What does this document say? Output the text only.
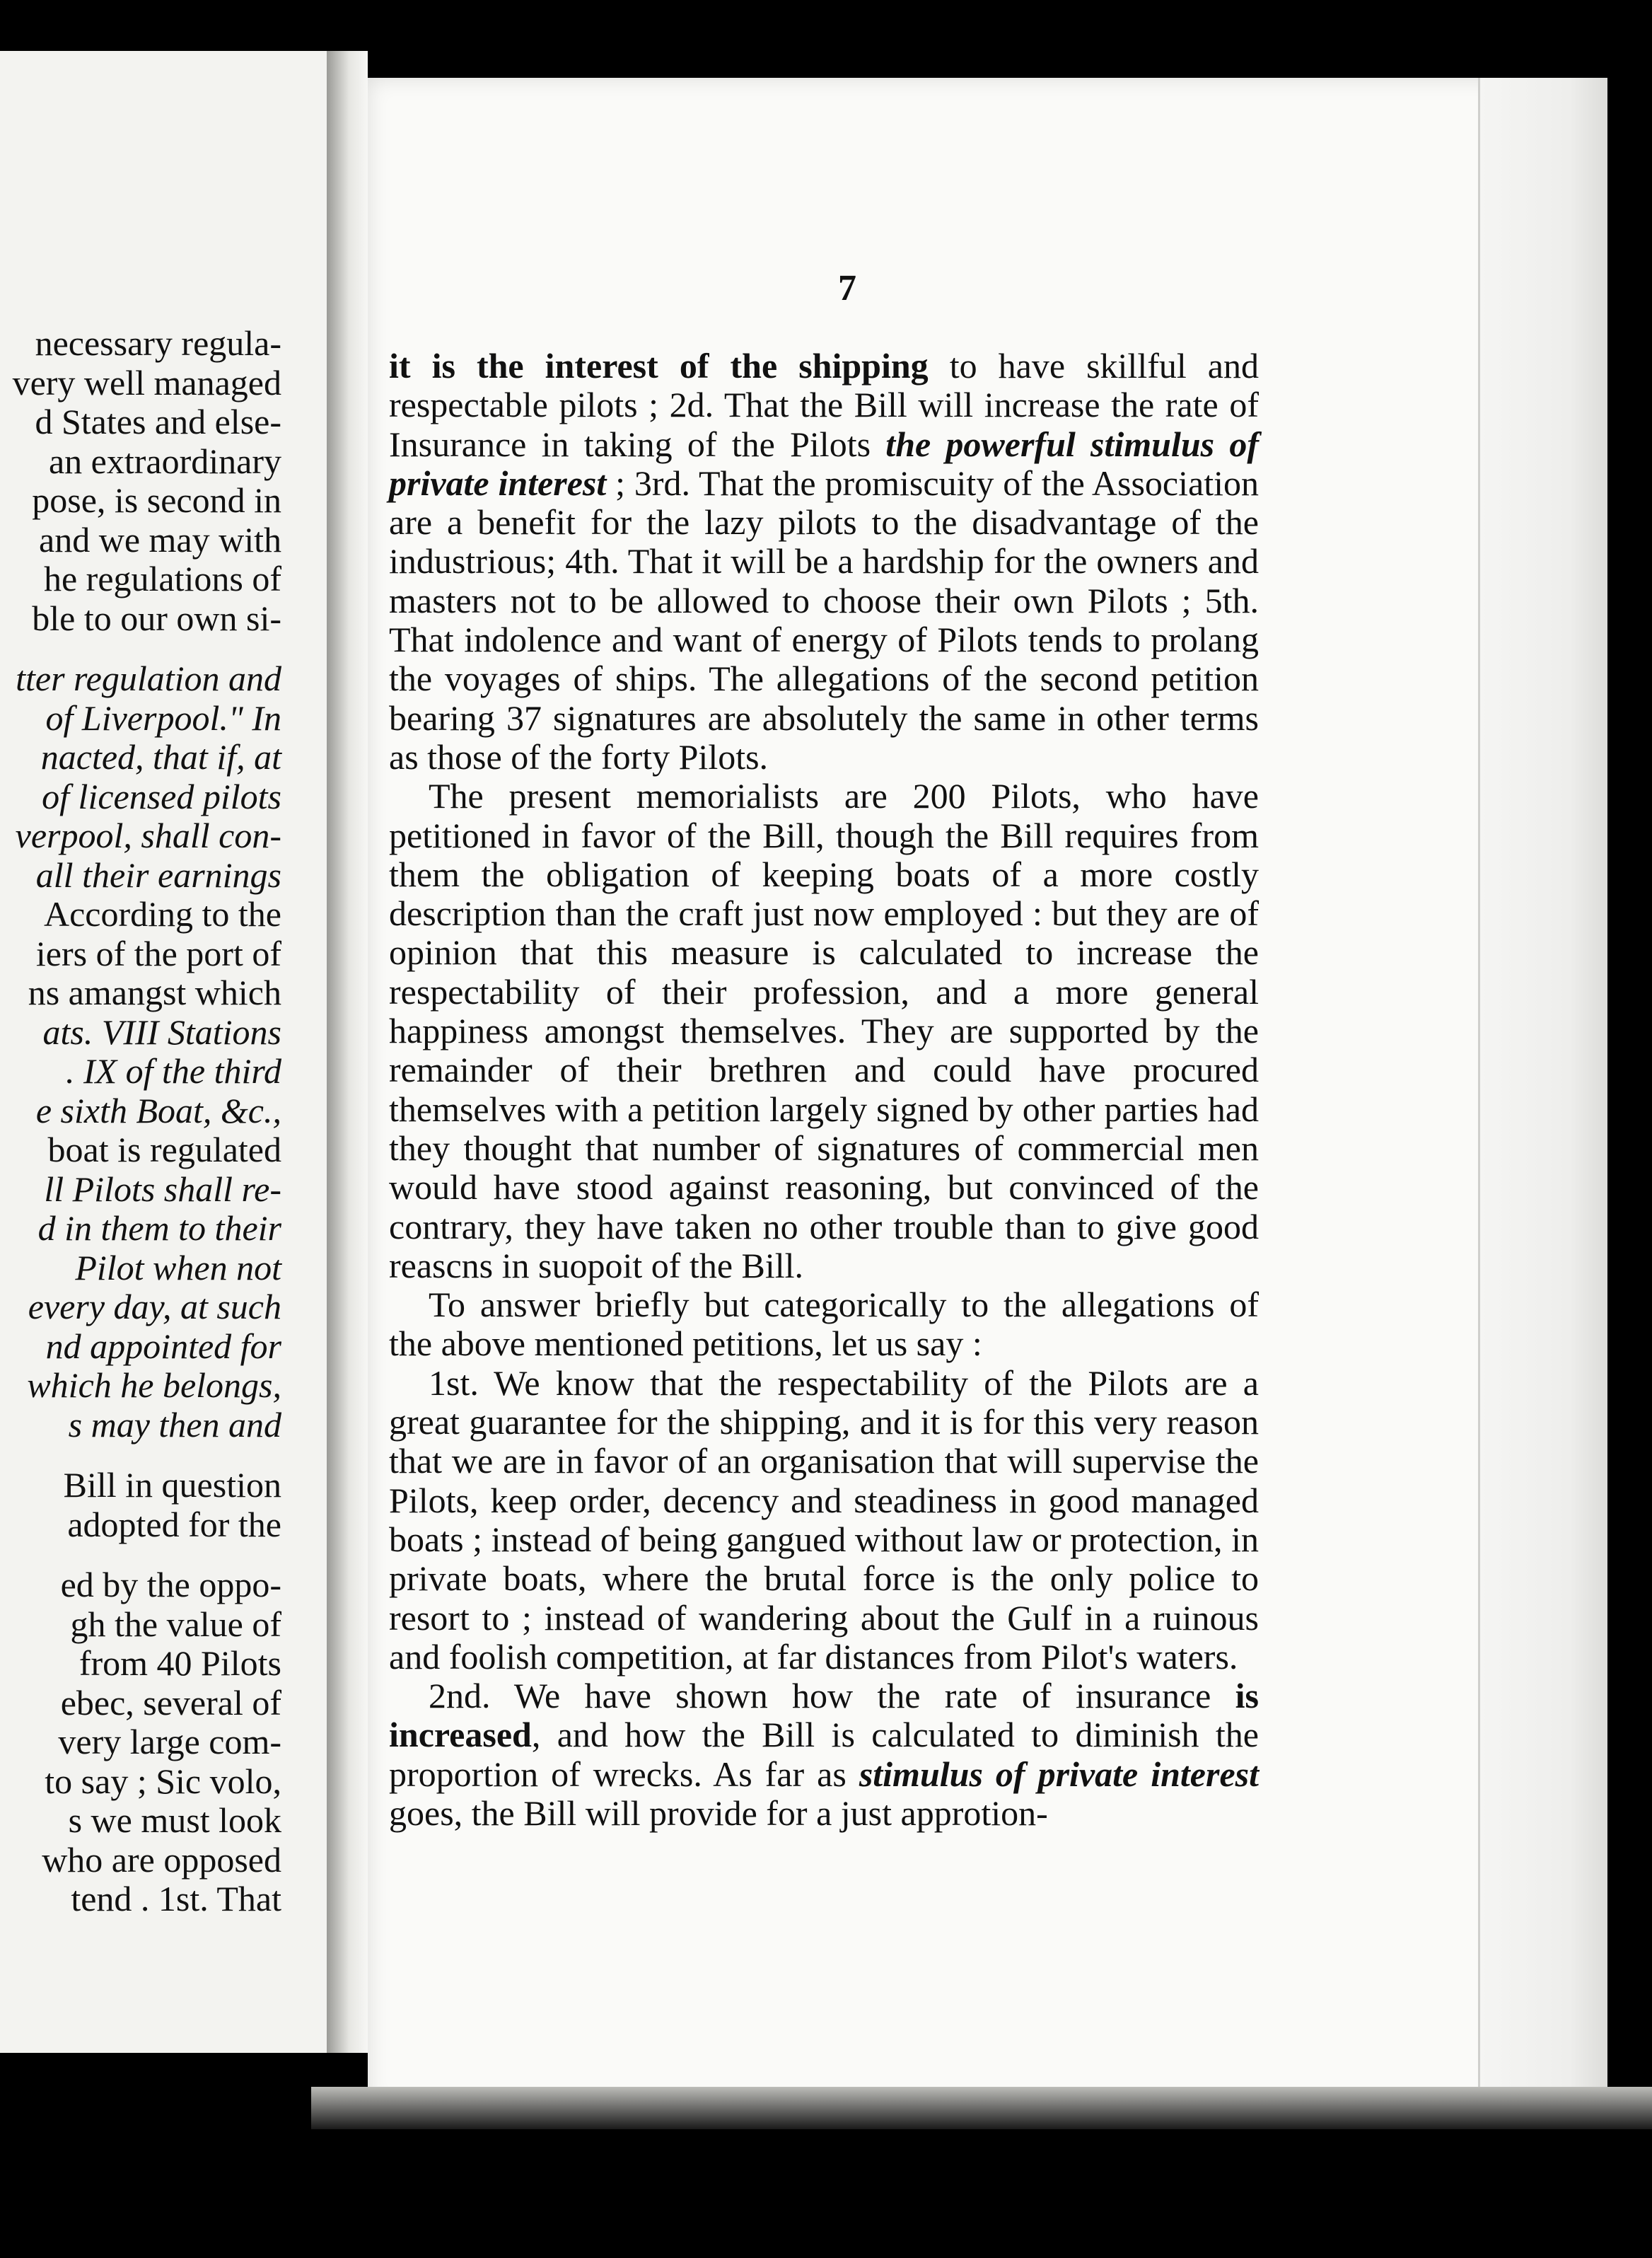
necessary regula-
very well managed
d States and else-
an extraordinary
pose, is second in
and we may with
he regulations of
ble to our own si-
tter regulation and
of Liverpool." In
nacted, that if, at
of licensed pilots
verpool, shall con-
all their earnings
According to the
iers of the port of
ns amangst which
ats. VIII Stations
. IX of the third
e sixth Boat, &c.,
boat is regulated
ll Pilots shall re-
d in them to their
Pilot when not
every day, at such
nd appointed for
which he belongs,
s may then and
Bill in question
adopted for the
ed by the oppo-
gh the value of
from 40 Pilots
ebec, several of
very large com-
to say ; Sic volo,
s we must look
who are opposed
tend . 1st. That
7

it is the interest of the shipping to have skillful and respectable pilots ; 2d. That the Bill will increase the rate of Insurance in taking of the Pilots the powerful stimulus of private interest ; 3rd. That the promiscuity of the Association are a benefit for the lazy pilots to the disadvantage of the industrious; 4th. That it will be a hardship for the owners and masters not to be allowed to choose their own Pilots ; 5th. That indolence and want of energy of Pilots tends to prolang the voyages of ships. The allegations of the second petition bearing 37 signatures are absolutely the same in other terms as those of the forty Pilots.

The present memorialists are 200 Pilots, who have petitioned in favor of the Bill, though the Bill requires from them the obligation of keeping boats of a more costly description than the craft just now employed : but they are of opinion that this measure is calculated to increase the respectability of their profession, and a more general happiness amongst themselves. They are supported by the remainder of their brethren and could have procured themselves with a petition largely signed by other parties had they thought that number of signatures of commercial men would have stood against reasoning, but convinced of the contrary, they have taken no other trouble than to give good reascns in suopoit of the Bill.

To answer briefly but categorically to the allegations of the above mentioned petitions, let us say :

1st. We know that the respectability of the Pilots are a great guarantee for the shipping, and it is for this very reason that we are in favor of an organisation that will supervise the Pilots, keep order, decency and steadiness in good managed boats ; instead of being gangued without law or protection, in private boats, where the brutal force is the only police to resort to ; instead of wandering about the Gulf in a ruinous and foolish competition, at far distances from Pilot's waters.

2nd. We have shown how the rate of insurance is increased, and how the Bill is calculated to diminish the proportion of wrecks. As far as stimulus of private interest goes, the Bill will provide for a just approtion-
